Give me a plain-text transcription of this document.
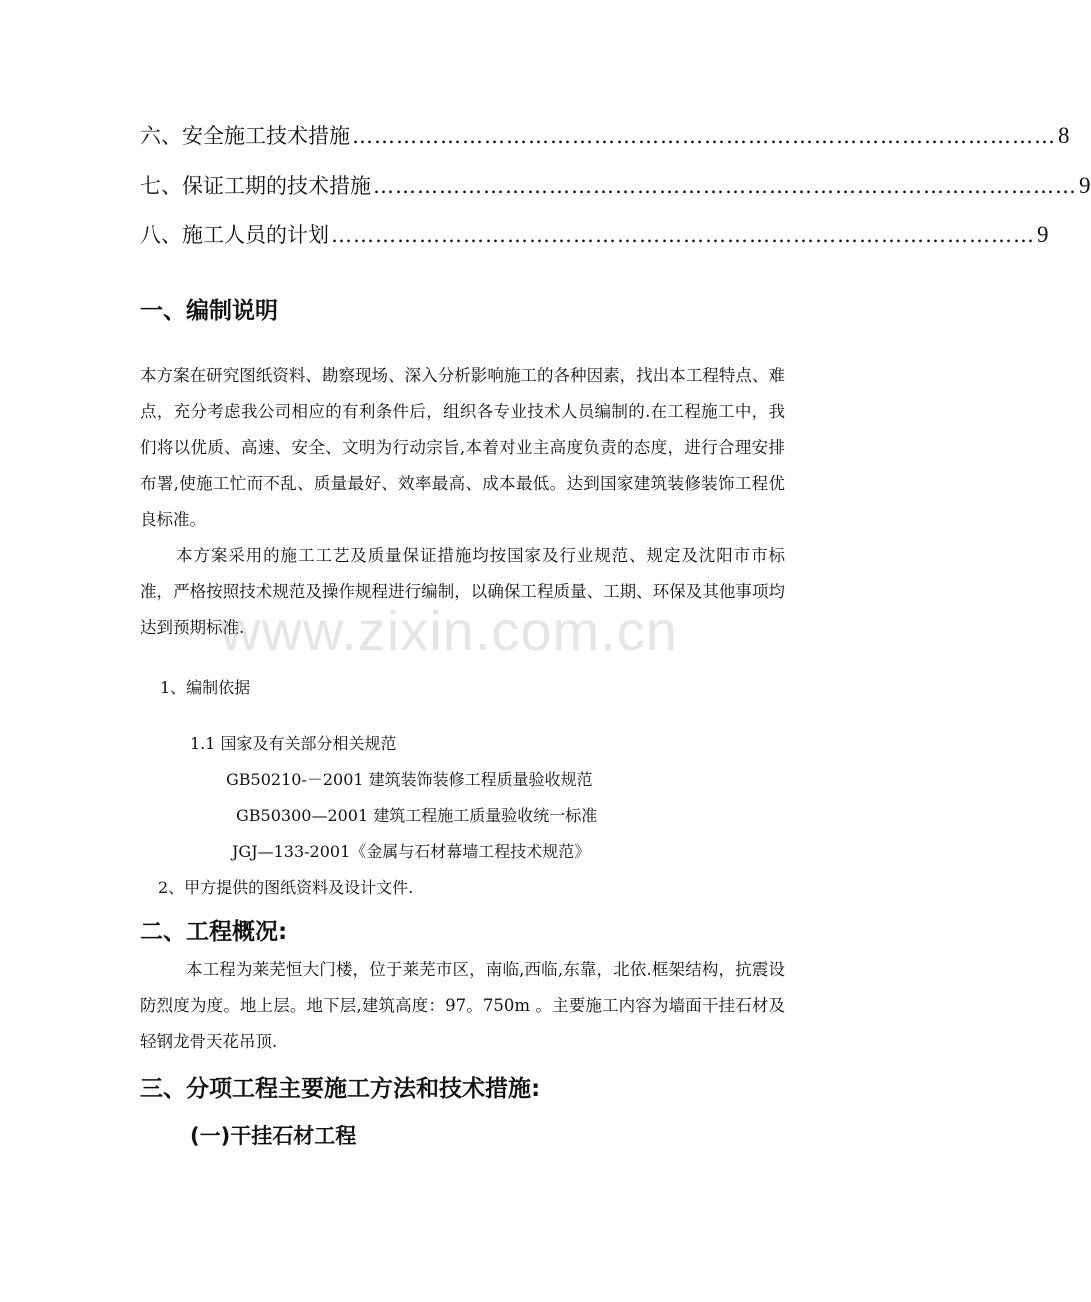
六、安全施工技术措施 …………………………………………………………………………………… 8
七、保证工期的技术措施 …………………………………………………………………………………… 9
八、施工人员的计划 …………………………………………………………………………………… 9
一、编制说明
本方案在研究图纸资料、勘察现场、深入分析影响施工的各种因素，找出本工程特点、难点，充分考虑我公司相应的有利条件后，组织各专业技术人员编制的.在工程施工中，我们将以优质、高速、安全、文明为行动宗旨,本着对业主高度负责的态度，进行合理安排布署,使施工忙而不乱、质量最好、效率最高、成本最低。达到国家建筑装修装饰工程优良标准。
本方案采用的施工工艺及质量保证措施均按国家及行业规范、规定及沈阳市市标准，严格按照技术规范及操作规程进行编制，以确保工程质量、工期、环保及其他事项均达到预期标准.
1、编制依据
1.1 国家及有关部分相关规范
GB50210-－2001 建筑装饰装修工程质量验收规范
GB50300—2001 建筑工程施工质量验收统一标准
JGJ—133-2001《金属与石材幕墙工程技术规范》
2、甲方提供的图纸资料及设计文件.
二、工程概况:
本工程为莱芜恒大门楼，位于莱芜市区，南临,西临,东靠，北依.框架结构，抗震设防烈度为度。地上层。地下层,建筑高度：97。750m 。主要施工内容为墙面干挂石材及轻钢龙骨天花吊顶.
三、分项工程主要施工方法和技术措施:
(一)干挂石材工程
www.zixin.com.cn
